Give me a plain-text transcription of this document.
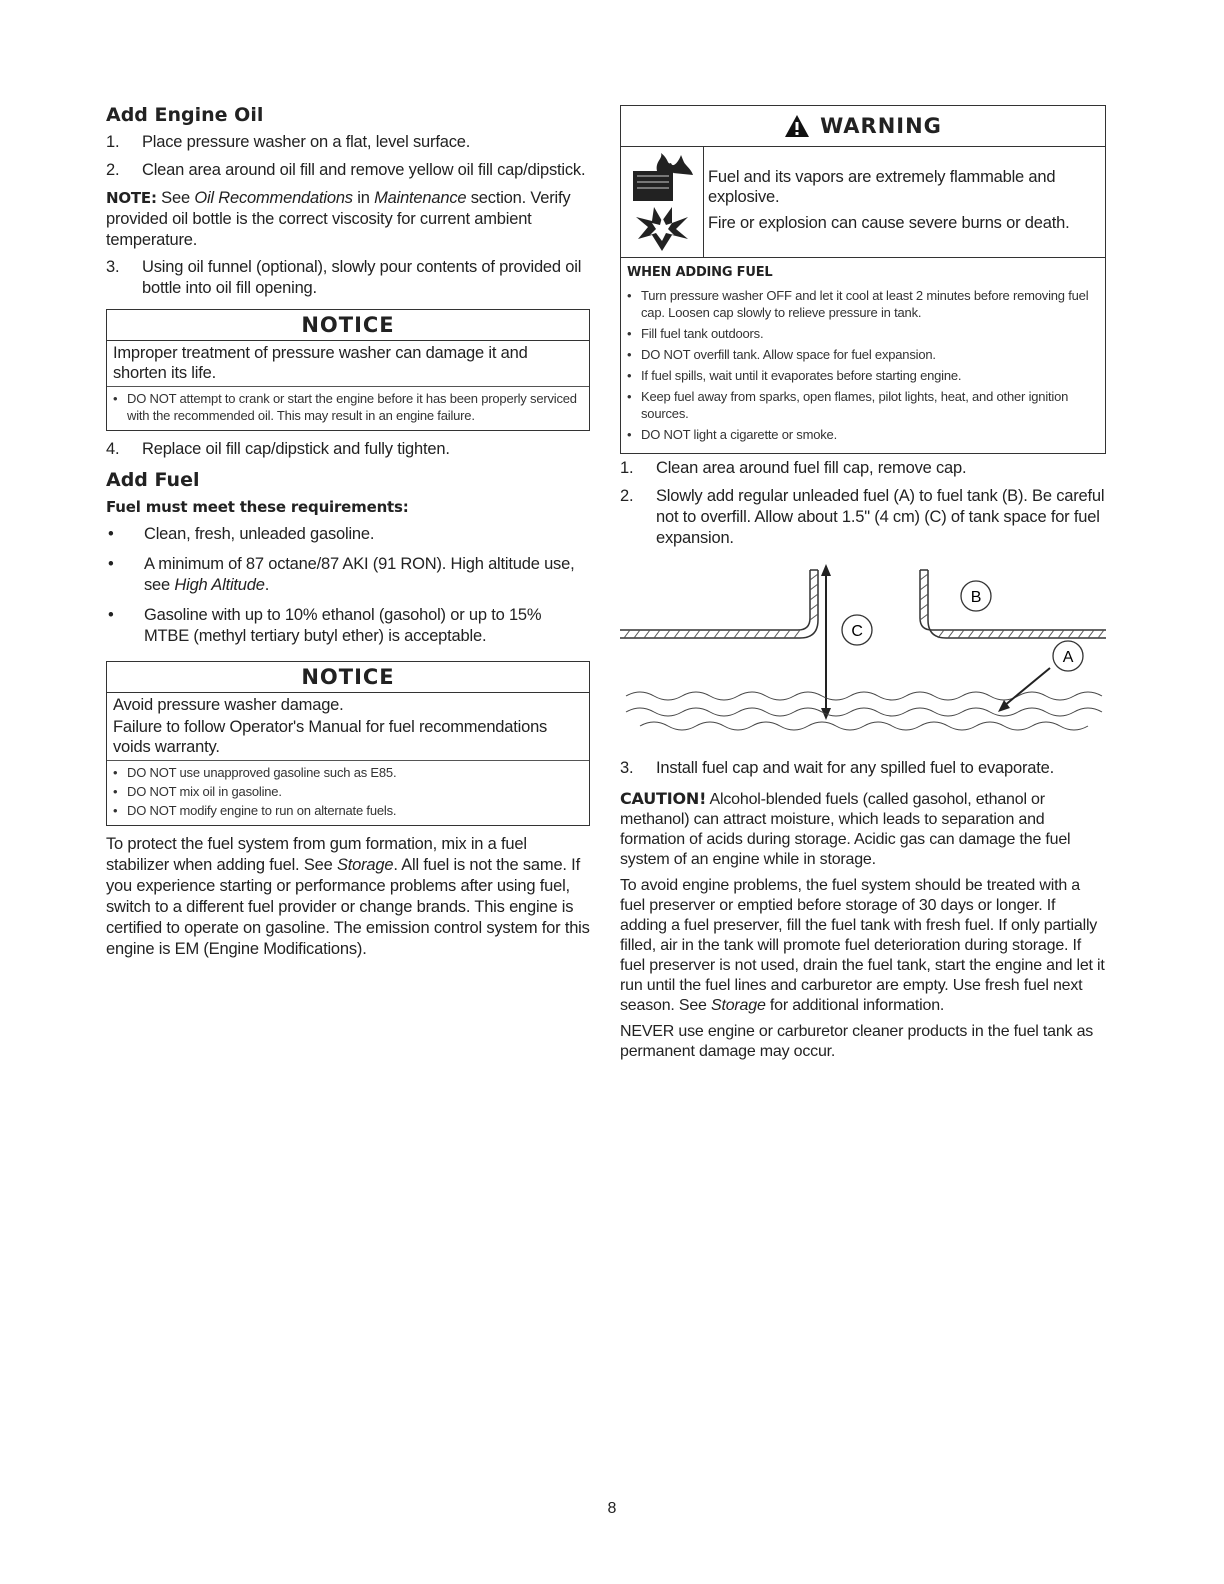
Add Engine Oil
1.	Place pressure washer on a flat, level surface.
2.	Clean area around oil fill and remove yellow oil fill cap/dipstick.

NOTE: See Oil Recommendations in Maintenance section. Verify provided oil bottle is the correct viscosity for current ambient temperature.

3.	Using oil funnel (optional), slowly pour contents of provided oil bottle into oil fill opening.
NOTICE
Improper treatment of pressure washer can damage it and shorten its life.
• DO NOT attempt to crank or start the engine before it has been properly serviced with the recommended oil. This may result in an engine failure.
4.	Replace oil fill cap/dipstick and fully tighten.
Add Fuel
Fuel must meet these requirements:
•	Clean, fresh, unleaded gasoline.
•	A minimum of 87 octane/87 AKI (91 RON). High altitude use, see High Altitude.
•	Gasoline with up to 10% ethanol (gasohol) or up to 15% MTBE (methyl tertiary butyl ether) is acceptable.
NOTICE
Avoid pressure washer damage.
Failure to follow Operator's Manual for fuel recommendations voids warranty.
• DO NOT use unapproved gasoline such as E85.
• DO NOT mix oil in gasoline.
• DO NOT modify engine to run on alternate fuels.

To protect the fuel system from gum formation, mix in a fuel stabilizer when adding fuel. See Storage. All fuel is not the same. If you experience starting or performance problems after using fuel, switch to a different fuel provider or change brands. This engine is certified to operate on gasoline. The emission control system for this engine is EM (Engine Modifications).

WARNING
Fuel and its vapors are extremely flammable and explosive.
Fire or explosion can cause severe burns or death.
WHEN ADDING FUEL
• Turn pressure washer OFF and let it cool at least 2 minutes before removing fuel cap. Loosen cap slowly to relieve pressure in tank.
• Fill fuel tank outdoors.
• DO NOT overfill tank. Allow space for fuel expansion.
• If fuel spills, wait until it evaporates before starting engine.
• Keep fuel away from sparks, open flames, pilot lights, heat, and other ignition sources.
• DO NOT light a cigarette or smoke.
1.	Clean area around fuel fill cap, remove cap.
2.	Slowly add regular unleaded fuel (A) to fuel tank (B). Be careful not to overfill. Allow about 1.5" (4 cm) (C) of tank space for fuel expansion.
C
B
A
3.	Install fuel cap and wait for any spilled fuel to evaporate.

CAUTION! Alcohol-blended fuels (called gasohol, ethanol or methanol) can attract moisture, which leads to separation and formation of acids during storage. Acidic gas can damage the fuel system of an engine while in storage.

To avoid engine problems, the fuel system should be treated with a fuel preserver or emptied before storage of 30 days or longer. If adding a fuel preserver, fill the fuel tank with fresh fuel. If only partially filled, air in the tank will promote fuel deterioration during storage. If fuel preserver is not used, drain the fuel tank, start the engine and let it run until the fuel lines and carburetor are empty. Use fresh fuel next season. See Storage for additional information.

NEVER use engine or carburetor cleaner products in the fuel tank as permanent damage may occur.

8
